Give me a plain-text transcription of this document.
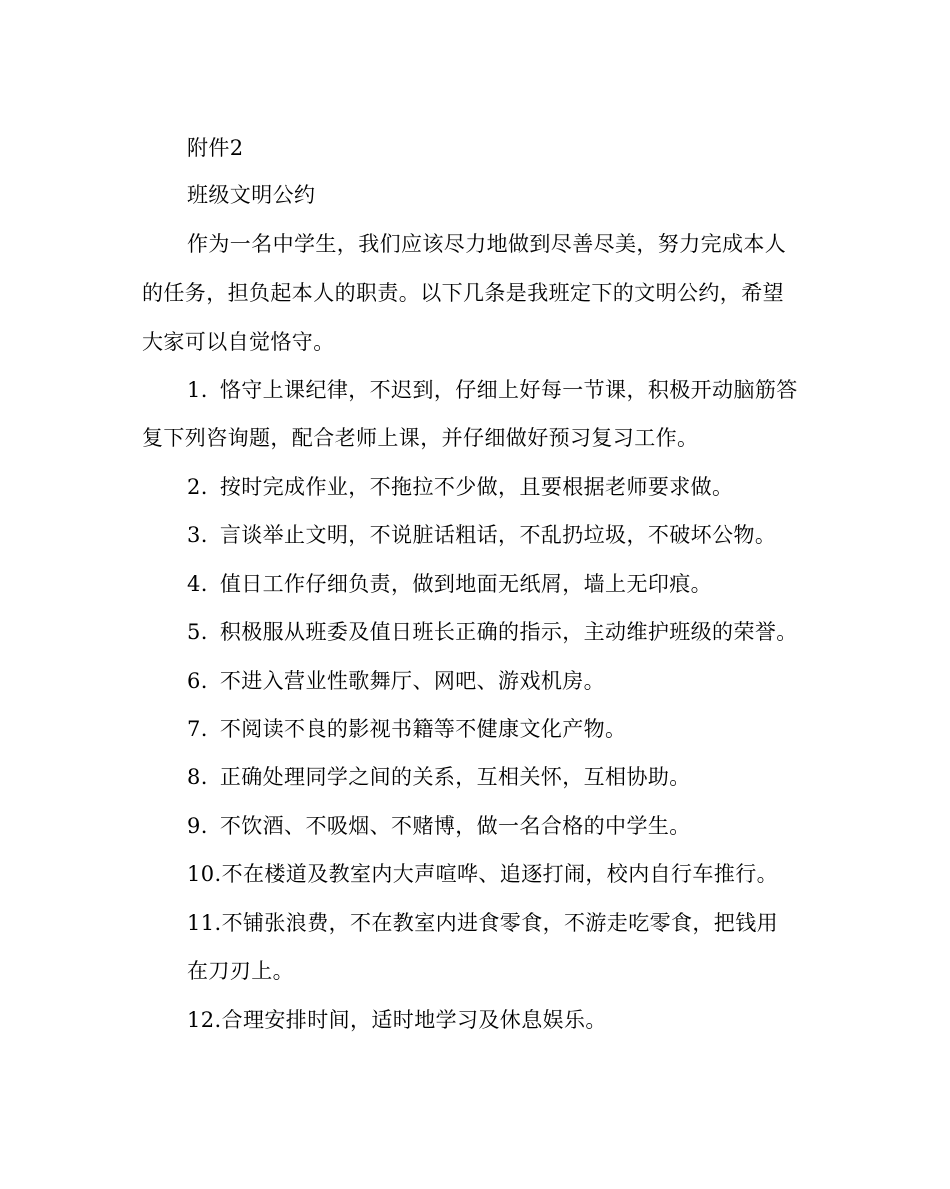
附件2
班级文明公约
作为一名中学生，我们应该尽力地做到尽善尽美，努力完成本人
的任务，担负起本人的职责。以下几条是我班定下的文明公约，希望
大家可以自觉恪守。
1. 恪守上课纪律，不迟到，仔细上好每一节课，积极开动脑筋答
复下列咨询题，配合老师上课，并仔细做好预习复习工作。
2. 按时完成作业，不拖拉不少做，且要根据老师要求做。
3. 言谈举止文明，不说脏话粗话，不乱扔垃圾，不破坏公物。
4. 值日工作仔细负责，做到地面无纸屑，墙上无印痕。
5. 积极服从班委及值日班长正确的指示，主动维护班级的荣誉。
6. 不进入营业性歌舞厅、网吧、游戏机房。
7. 不阅读不良的影视书籍等不健康文化产物。
8. 正确处理同学之间的关系，互相关怀，互相协助。
9. 不饮酒、不吸烟、不赌博，做一名合格的中学生。
10.不在楼道及教室内大声喧哗、追逐打闹，校内自行车推行。
11.不铺张浪费，不在教室内进食零食，不游走吃零食，把钱用
在刀刃上。
12.合理安排时间，适时地学习及休息娱乐。
